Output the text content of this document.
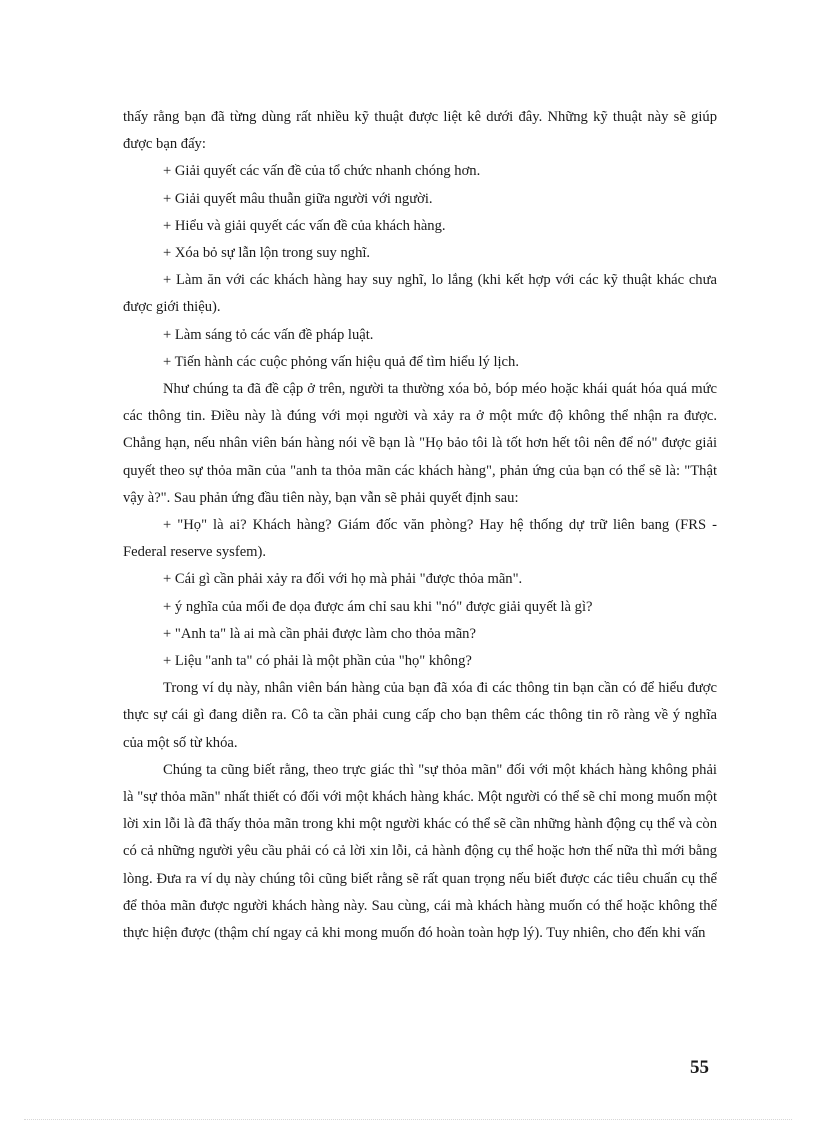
thấy rằng bạn đã từng dùng rất nhiều kỹ thuật được liệt kê dưới đây. Những kỹ thuật này sẽ giúp được bạn đấy:

+ Giải quyết các vấn đề của tổ chức nhanh chóng hơn.

+ Giải quyết mâu thuẫn giữa người với người.

+ Hiểu và giải quyết các vấn đề của khách hàng.

+ Xóa bỏ sự lẫn lộn trong suy nghĩ.

+ Làm ăn với các khách hàng hay suy nghĩ, lo lắng (khi kết hợp với các kỹ thuật khác chưa được giới thiệu).

+ Làm sáng tỏ các vấn đề pháp luật.

+ Tiến hành các cuộc phỏng vấn hiệu quả để tìm hiểu lý lịch.

Như chúng ta đã đề cập ở trên, người ta thường xóa bỏ, bóp méo hoặc khái quát hóa quá mức các thông tin. Điều này là đúng với mọi người và xảy ra ở một mức độ không thể nhận ra được. Chẳng hạn, nếu nhân viên bán hàng nói về bạn là "Họ bảo tôi là tốt hơn hết tôi nên để nó" được giải quyết theo sự thỏa mãn của "anh ta thỏa mãn các khách hàng", phản ứng của bạn có thể sẽ là: "Thật vậy à?". Sau phản ứng đầu tiên này, bạn vẫn sẽ phải quyết định sau:

+ "Họ" là ai? Khách hàng? Giám đốc văn phòng? Hay hệ thống dự trữ liên bang (FRS - Federal reserve sysfem).

+ Cái gì cần phải xảy ra đối với họ mà phải "được thỏa mãn".

+ ý nghĩa của mối đe dọa được ám chỉ sau khi "nó" được giải quyết là gì?

+ "Anh ta" là ai mà cần phải được làm cho thỏa mãn?

+ Liệu "anh ta" có phải là một phần của "họ" không?

Trong ví dụ này, nhân viên bán hàng của bạn đã xóa đi các thông tin bạn cần có để hiểu được thực sự cái gì đang diễn ra. Cô ta cần phải cung cấp cho bạn thêm các thông tin rõ ràng về ý nghĩa của một số từ khóa.

Chúng ta cũng biết rằng, theo trực giác thì "sự thỏa mãn" đối với một khách hàng không phải là "sự thỏa mãn" nhất thiết có đối với một khách hàng khác. Một người có thể sẽ chỉ mong muốn một lời xin lỗi là đã thấy thỏa mãn trong khi một người khác có thể sẽ cần những hành động cụ thể và còn có cả những người yêu cầu phải có cả lời xin lỗi, cả hành động cụ thể hoặc hơn thế nữa thì mới bằng lòng. Đưa ra ví dụ này chúng tôi cũng biết rằng sẽ rất quan trọng nếu biết được các tiêu chuẩn cụ thể để thỏa mãn được người khách hàng này. Sau cùng, cái mà khách hàng muốn có thể hoặc không thể thực hiện được (thậm chí ngay cả khi mong muốn đó hoàn toàn hợp lý). Tuy nhiên, cho đến khi vấn

55
